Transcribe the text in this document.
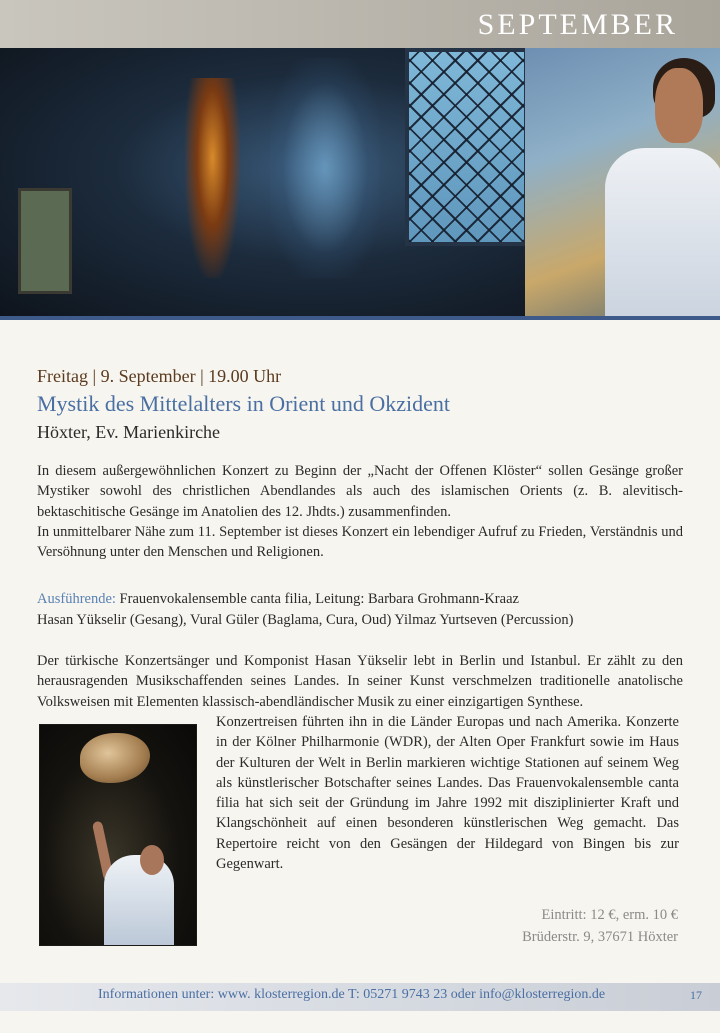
SEPTEMBER

Freitag | 9. September | 19.00 Uhr

Mystik des Mittelalters in Orient und Okzident

Höxter, Ev. Marienkirche

In diesem außergewöhnlichen Konzert zu Beginn der „Nacht der Offenen Klöster“ sollen Gesänge großer Mystiker sowohl des christlichen Abendlandes als auch des islamischen Orients (z. B. alevitisch-bektaschitische Gesänge im Anatolien des 12. Jhdts.) zusammenfinden.

In unmittelbarer Nähe zum 11. September ist dieses Konzert ein lebendiger Aufruf zu Frieden, Verständnis und Versöhnung unter den Menschen und Religionen.

Ausführende: Frauenvokalensemble canta filia, Leitung: Barbara Grohmann-Kraaz
Hasan Yükselir (Gesang), Vural Güler (Baglama, Cura, Oud) Yilmaz Yurtseven (Percussion)

Der türkische Konzertsänger und Komponist Hasan Yükselir lebt in Berlin und Istanbul. Er zählt zu den herausragenden Musikschaffenden seines Landes. In seiner Kunst verschmelzen traditionelle anatolische Volksweisen mit Elementen klassisch-abendländischer Musik zu einer einzigartigen Synthese.

Konzertreisen führten ihn in die Länder Europas und nach Amerika. Konzerte in der Kölner Philharmonie (WDR), der Alten Oper Frankfurt sowie im Haus der Kulturen der Welt in Berlin markieren wichtige Stationen auf seinem Weg als künstlerischer Botschafter seines Landes. Das Frauenvokalensemble canta filia hat sich seit der Gründung im Jahre 1992 mit disziplinierter Kraft und Klangschönheit auf einen besonderen künstlerischen Weg gemacht. Das Repertoire reicht von den Gesängen der Hildegard von Bingen bis zur Gegenwart.

Eintritt: 12 €, erm. 10 €
Brüderstr. 9, 37671 Höxter
Informationen unter: www. klosterregion.de T: 05271 9743 23 oder info@klosterregion.de	17
